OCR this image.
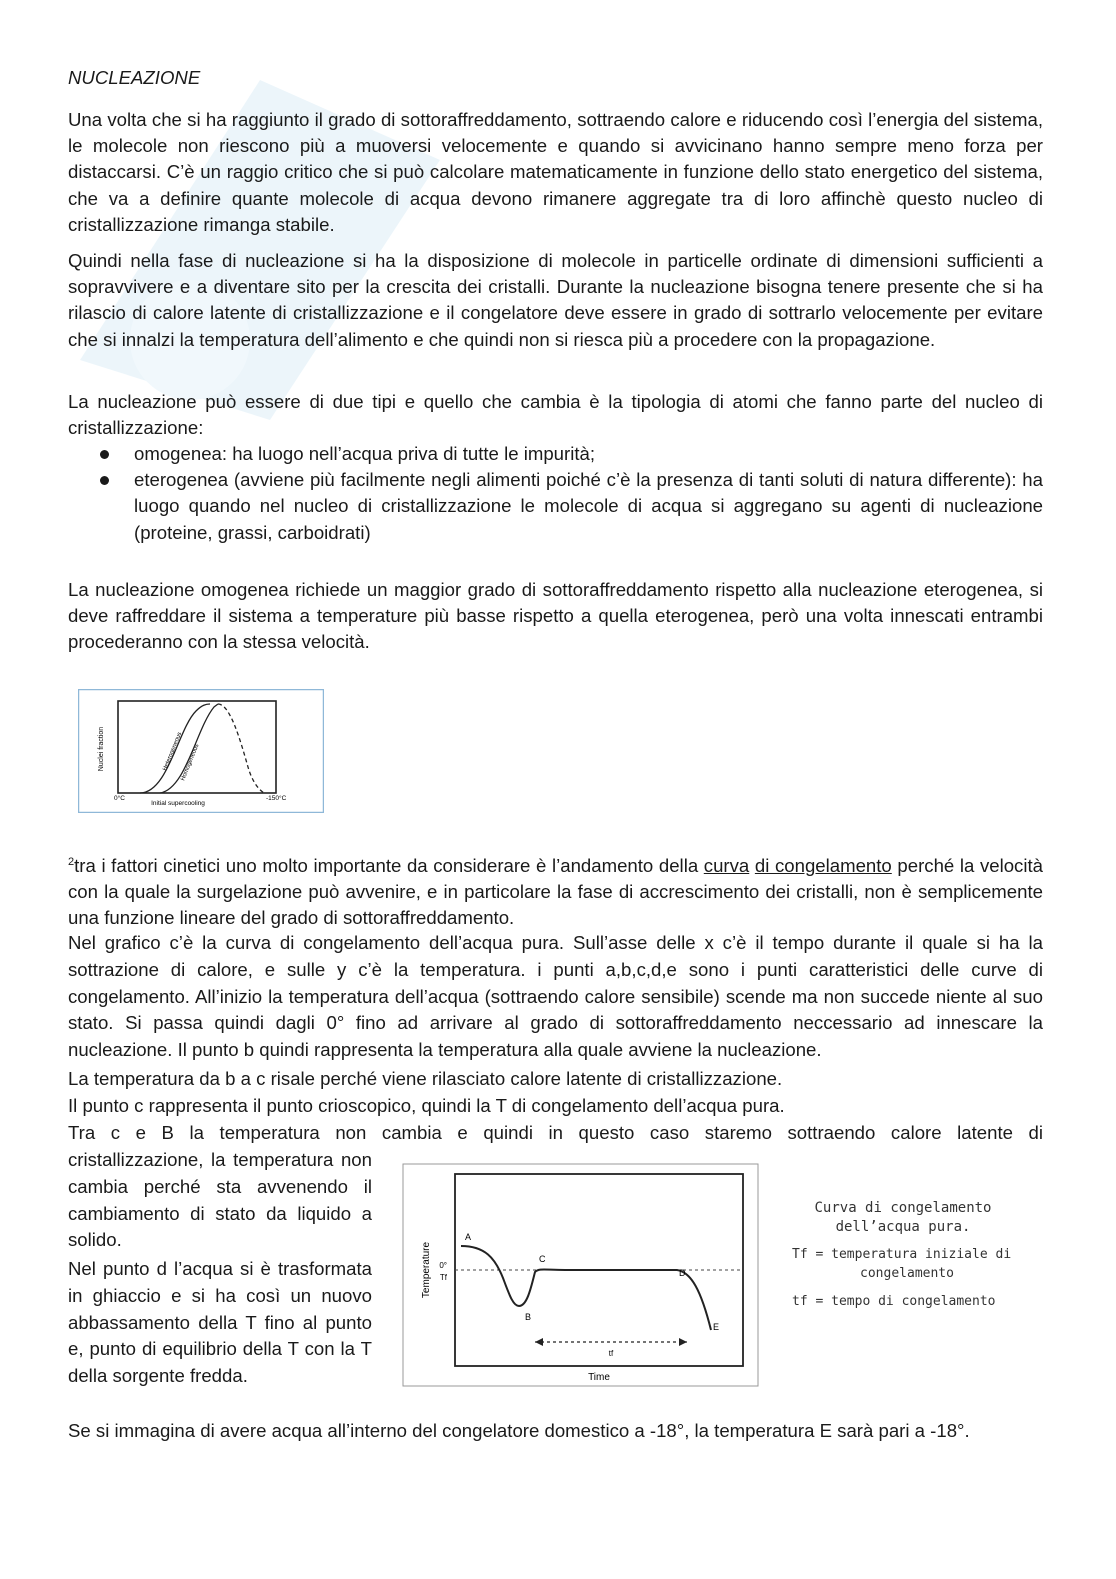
NUCLEAZIONE
Una volta che si ha raggiunto il grado di sottoraffreddamento, sottraendo calore e riducendo così l’energia del sistema, le molecole non riescono più a muoversi velocemente e quando si avvicinano hanno sempre meno forza per distaccarsi. C’è un raggio critico che si può calcolare matematicamente in funzione dello stato energetico del sistema, che va a definire quante molecole di acqua devono rimanere aggregate tra di loro affinchè questo nucleo di cristallizzazione rimanga stabile.
Quindi nella fase di nucleazione si ha la disposizione di molecole in particelle ordinate di dimensioni sufficienti a sopravvivere e a diventare sito per la crescita dei cristalli. Durante la nucleazione bisogna tenere presente che si ha rilascio di calore latente di cristallizzazione e il congelatore deve essere in grado di sottrarlo velocemente per evitare che si innalzi la temperatura dell’alimento e che quindi non si riesca più a procedere con la propagazione.
La nucleazione può essere di due tipi e quello che cambia è la tipologia di atomi che fanno parte del nucleo di cristallizzazione:
omogenea: ha luogo nell’acqua priva di tutte le impurità;
eterogenea (avviene più facilmente negli alimenti poiché c’è la presenza di tanti soluti di natura differente): ha luogo quando nel nucleo di cristallizzazione le molecole di acqua si aggregano su agenti di nucleazione (proteine, grassi, carboidrati)
La nucleazione omogenea richiede un maggior grado di sottoraffreddamento rispetto alla nucleazione eterogenea, si deve raffreddare il sistema a temperature più basse rispetto a quella eterogenea, però una volta innescati entrambi procederanno con la stessa velocità.
Nuclei fraction
Initial supercooling
0°C	-150°C
Heterogeneous
Homogeneous
$^2$tra i fattori cinetici uno molto importante da considerare è l’andamento della curva di congelamento perché la velocità con la quale la surgelazione può avvenire, e in particolare la fase di accrescimento dei cristalli, non è semplicemente una funzione lineare del grado di sottoraffreddamento.
Nel grafico c’è la curva di congelamento dell’acqua pura. Sull’asse delle x c’è il tempo durante il quale si ha la sottrazione di calore, e sulle y c’è la temperatura. i punti a,b,c,d,e sono i punti caratteristici delle curve di congelamento. All’inizio la temperatura dell’acqua (sottraendo calore sensibile) scende ma non succede niente al suo stato. Si passa quindi dagli 0° fino ad arrivare al grado di sottoraffreddamento neccessario ad innescare la nucleazione. Il punto b quindi rappresenta la temperatura alla quale avviene la nucleazione.
La temperatura da b a c risale perché viene rilasciato calore latente di cristallizzazione.
Il punto c rappresenta il punto crioscopico, quindi la T di congelamento dell’acqua pura.
Tra c e B la temperatura non cambia e quindi in questo caso staremo sottraendo calore latente di
cristallizzazione, la temperatura non cambia perché sta avvenendo il cambiamento di stato da liquido a solido.
Nel punto d l’acqua si è trasformata in ghiaccio e si ha così un nuovo abbassamento della T fino al punto e, punto di equilibrio della T con la T della sorgente fredda.
Temperature
Time
A
B
C
D
E
0°
Tf
tf
Curva di congelamento
dell’acqua pura.
Tf = temperatura iniziale di
congelamento
tf = tempo di congelamento
Se si immagina di avere acqua all’interno del congelatore domestico a -18°, la temperatura E sarà pari a -18°.
